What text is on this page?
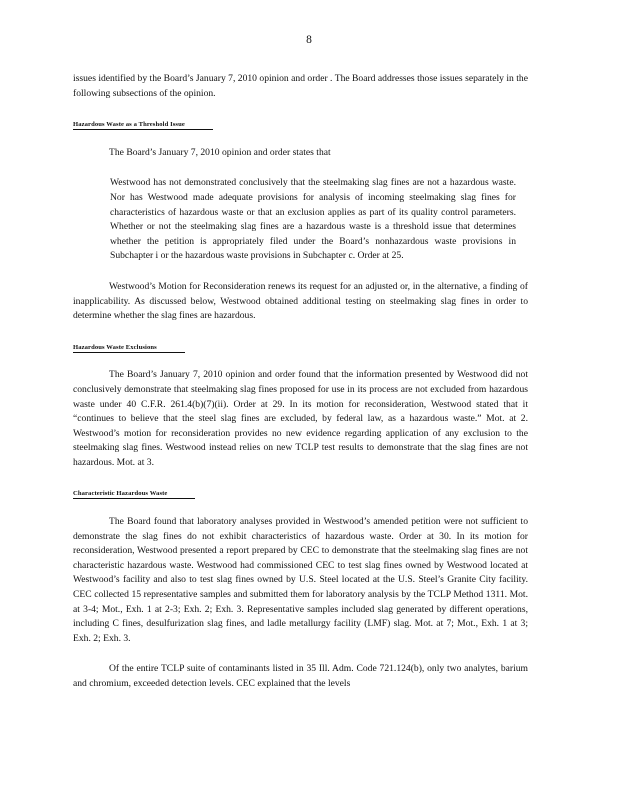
8

issues identified by the Board’s January 7, 2010 opinion and order . The Board addresses those issues separately in the following subsections of the opinion.

Hazardous Waste as a Threshold Issue

The Board’s January 7, 2010 opinion and order states that

Westwood has not demonstrated conclusively that the steelmaking slag fines are not a hazardous waste. Nor has Westwood made adequate provisions for analysis of incoming steelmaking slag fines for characteristics of hazardous waste or that an exclusion applies as part of its quality control parameters. Whether or not the steelmaking slag fines are a hazardous waste is a threshold issue that determines whether the petition is appropriately filed under the Board’s nonhazardous waste provisions in Subchapter i or the hazardous waste provisions in Subchapter c. Order at 25.

Westwood’s Motion for Reconsideration renews its request for an adjusted or, in the alternative, a finding of inapplicability. As discussed below, Westwood obtained additional testing on steelmaking slag fines in order to determine whether the slag fines are hazardous.

Hazardous Waste Exclusions

The Board’s January 7, 2010 opinion and order found that the information presented by Westwood did not conclusively demonstrate that steelmaking slag fines proposed for use in its process are not excluded from hazardous waste under 40 C.F.R. 261.4(b)(7)(ii). Order at 29. In its motion for reconsideration, Westwood stated that it “continues to believe that the steel slag fines are excluded, by federal law, as a hazardous waste.” Mot. at 2. Westwood’s motion for reconsideration provides no new evidence regarding application of any exclusion to the steelmaking slag fines. Westwood instead relies on new TCLP test results to demonstrate that the slag fines are not hazardous. Mot. at 3.

Characteristic Hazardous Waste

The Board found that laboratory analyses provided in Westwood’s amended petition were not sufficient to demonstrate the slag fines do not exhibit characteristics of hazardous waste. Order at 30. In its motion for reconsideration, Westwood presented a report prepared by CEC to demonstrate that the steelmaking slag fines are not characteristic hazardous waste. Westwood had commissioned CEC to test slag fines owned by Westwood located at Westwood’s facility and also to test slag fines owned by U.S. Steel located at the U.S. Steel’s Granite City facility. CEC collected 15 representative samples and submitted them for laboratory analysis by the TCLP Method 1311. Mot. at 3-4; Mot., Exh. 1 at 2-3; Exh. 2; Exh. 3. Representative samples included slag generated by different operations, including C fines, desulfurization slag fines, and ladle metallurgy facility (LMF) slag. Mot. at 7; Mot., Exh. 1 at 3; Exh. 2; Exh. 3.

Of the entire TCLP suite of contaminants listed in 35 Ill. Adm. Code 721.124(b), only two analytes, barium and chromium, exceeded detection levels. CEC explained that the levels
